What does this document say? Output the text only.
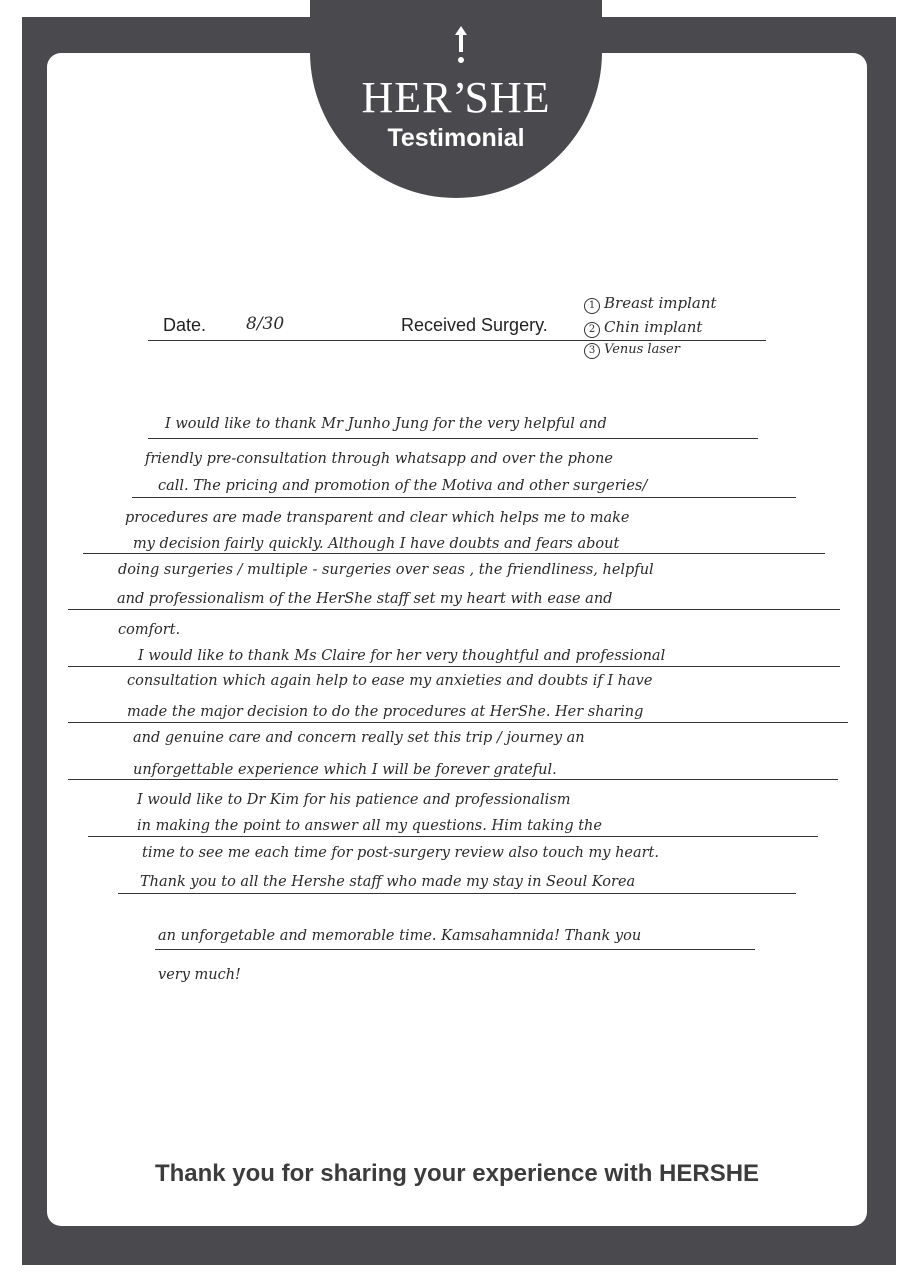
HER’SHE
Testimonial
Date. 8/30	Received Surgery.
1 Breast implant
2 Chin implant
3 Venus laser
I would like to thank Mr Junho Jung for the very helpful and
friendly pre-consultation through whatsapp and over the phone
call. The pricing and promotion of the Motiva and other surgeries/
procedures are made transparent and clear which helps me to make
my decision fairly quickly. Although I have doubts and fears about
doing surgeries / multiple - surgeries over seas , the friendliness, helpful
and professionalism of the HerShe staff set my heart with ease and
comfort.
I would like to thank Ms Claire for her very thoughtful and professional
consultation which again help to ease my anxieties and doubts if I have
made the major decision to do the procedures at HerShe. Her sharing
and genuine care and concern really set this trip / journey an
unforgettable experience which I will be forever grateful.
I would like to Dr Kim for his patience and professionalism
in making the point to answer all my questions. Him taking the
time to see me each time for post-surgery review also touch my heart.
Thank you to all the Hershe staff who made my stay in Seoul Korea
an unforgetable and memorable time. Kamsahamnida! Thank you
very much!
Thank you for sharing your experience with HERSHE
